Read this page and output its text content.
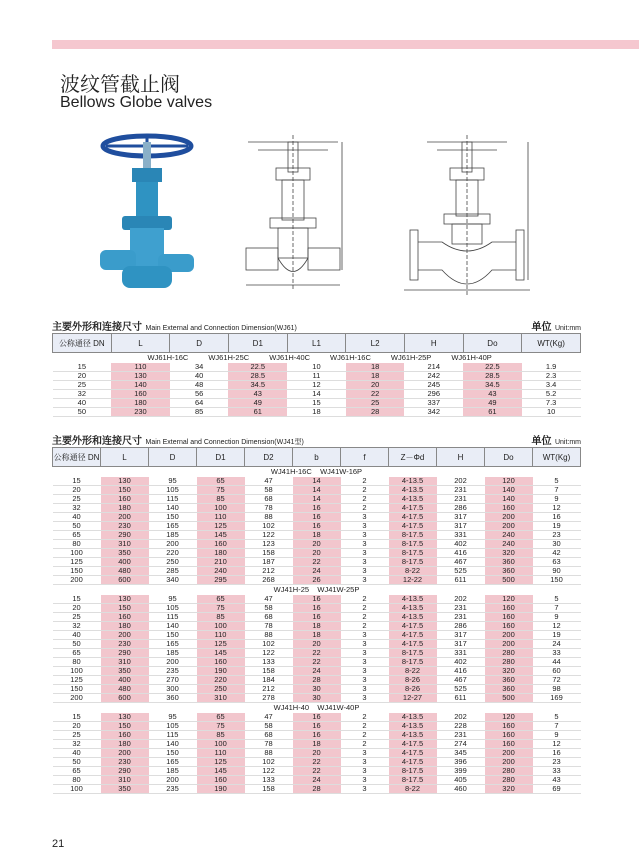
波纹管截止阀
Bellows Globe valves
主要外形和连接尺寸 Main External and Connection Dimension(WJ61)	单位 Unit:mm
公称通径 DN	L	D	D1	L1	L2	H	Do	WT(Kg)
WJ61H-16C WJ61H-25C WJ61H-40C WJ61H-16C WJ61H-25P WJ61H-40P								
15	110	34	22.5	10	18	214	22.5	1.9
20	130	40	28.5	11	18	242	28.5	2.3
25	140	48	34.5	12	20	245	34.5	3.4
32	160	56	43	14	22	296	43	5.2
40	180	64	49	15	25	337	49	7.3
50	230	85	61	18	28	342	61	10
主要外形和连接尺寸 Main External and Connection Dimension(WJ41型)	单位 Unit:mm
公称通径 DN	L	D	D1	D2	b	f	Z－Φd	H	Do	WT(Kg)
WJ41H-16C    WJ41W-16P										
15	130	95	65	47	14	2	4-13.5	202	120	5
20	150	105	75	58	14	2	4-13.5	231	140	7
25	160	115	85	68	14	2	4-13.5	231	140	9
32	180	140	100	78	16	2	4-17.5	286	160	12
40	200	150	110	88	16	3	4-17.5	317	200	16
50	230	165	125	102	16	3	4-17.5	317	200	19
65	290	185	145	122	18	3	8-17.5	331	240	23
80	310	200	160	123	20	3	8-17.5	402	240	30
100	350	220	180	158	20	3	8-17.5	416	320	42
125	400	250	210	187	22	3	8-17.5	467	360	63
150	480	285	240	212	24	3	8-22	525	360	90
200	600	340	295	268	26	3	12-22	611	500	150
WJ41H-25    WJ41W-25P										
15	130	95	65	47	16	2	4-13.5	202	120	5
20	150	105	75	58	16	2	4-13.5	231	160	7
25	160	115	85	68	16	2	4-13.5	231	160	9
32	180	140	100	78	18	2	4-17.5	286	160	12
40	200	150	110	88	18	3	4-17.5	317	200	19
50	230	165	125	102	20	3	4-17.5	317	200	24
65	290	185	145	122	22	3	8-17.5	331	280	33
80	310	200	160	133	22	3	8-17.5	402	280	44
100	350	235	190	158	24	3	8-22	416	320	60
125	400	270	220	184	28	3	8-26	467	360	72
150	480	300	250	212	30	3	8-26	525	360	98
200	600	360	310	278	30	3	12-27	611	500	169
WJ41H-40    WJ41W-40P										
15	130	95	65	47	16	2	4-13.5	202	120	5
20	150	105	75	58	16	2	4-13.5	228	160	7
25	160	115	85	68	16	2	4-13.5	231	160	9
32	180	140	100	78	18	2	4-17.5	274	160	12
40	200	150	110	88	20	3	4-17.5	345	200	16
50	230	165	125	102	22	3	4-17.5	396	200	23
65	290	185	145	122	22	3	8-17.5	399	280	33
80	310	200	160	133	24	3	8-17.5	405	280	43
100	350	235	190	158	28	3	8-22	460	320	69
21
